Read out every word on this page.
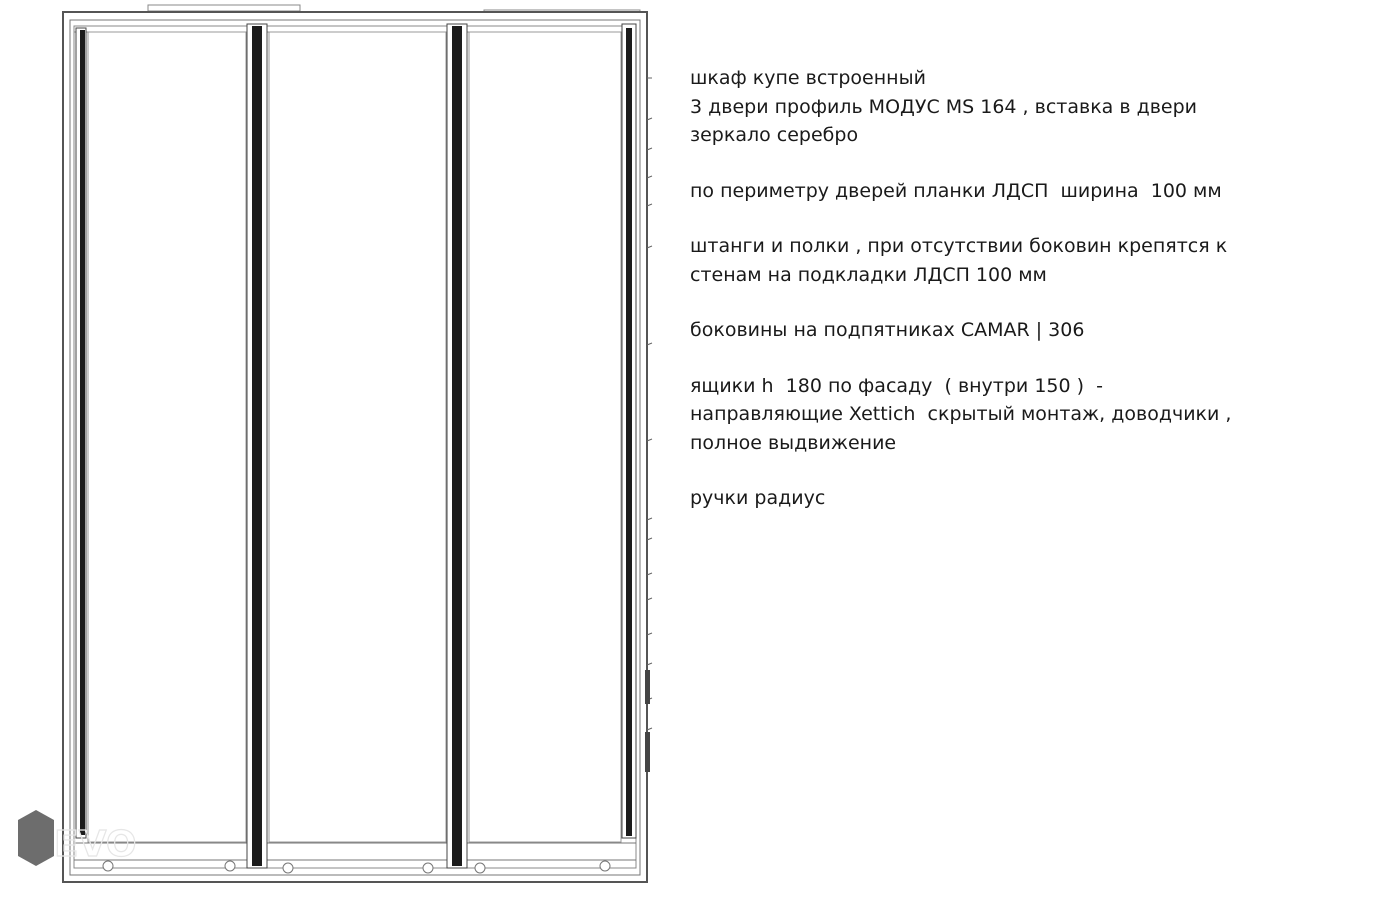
шкаф купе встроенный
3 двери профиль МОДУС MS 164 , вставка в двери
зеркало серебро
по периметру дверей планки ЛДСП  ширина  100 мм
штанги и полки , при отсутствии боковин крепятся к
стенам на подкладки ЛДСП 100 мм
боковины на подпятниках CAMAR | 306
ящики h  180 по фасаду  ( внутри 150 )  -
направляющие Xettich  скрытый монтаж, доводчики ,
полное выдвижение
ручки радиус
EVO
